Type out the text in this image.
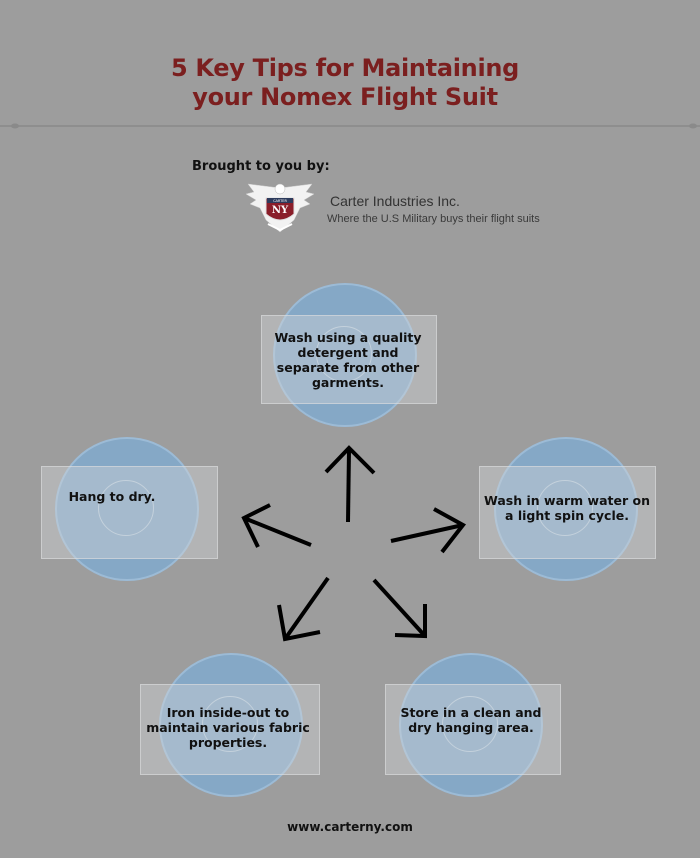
5 Key Tips for Maintaining
your Nomex Flight Suit
Brought to you by:
CARTER
NY
Carter Industries Inc.
Where the U.S Military buys their flight suits
Wash using a quality detergent and separate from other garments.
Wash in warm water on a light spin cycle.
Store in a clean and dry hanging area.
Iron inside-out to maintain various fabric properties.
Hang to dry.
www.carterny.com
